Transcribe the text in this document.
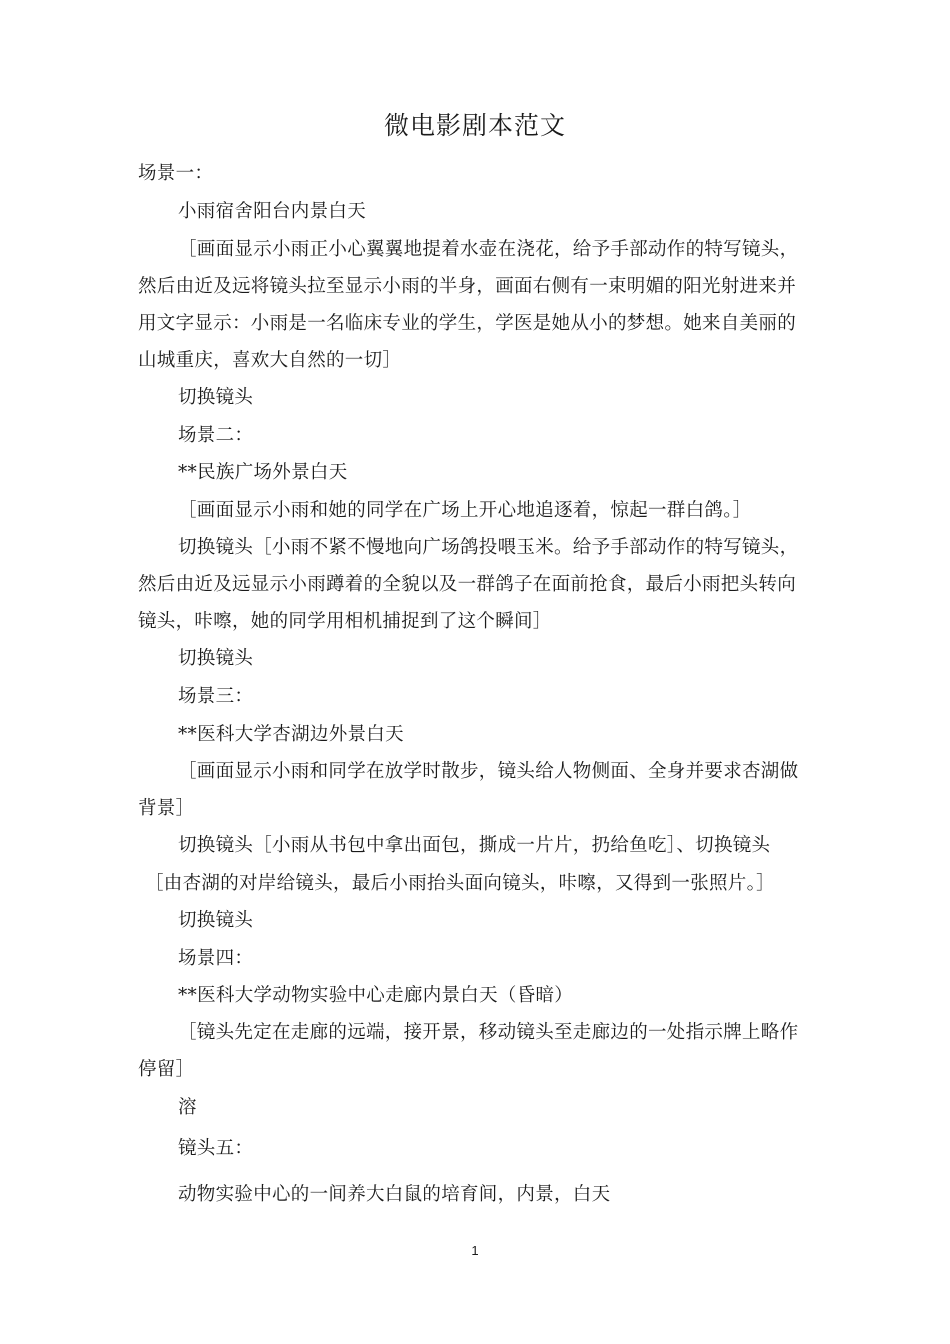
微电影剧本范文
场景一：
小雨宿舍阳台内景白天
［画面显示小雨正小心翼翼地提着水壶在浇花，给予手部动作的特写镜头，
然后由近及远将镜头拉至显示小雨的半身，画面右侧有一束明媚的阳光射进来并
用文字显示：小雨是一名临床专业的学生，学医是她从小的梦想。她来自美丽的
山城重庆，喜欢大自然的一切］
切换镜头
场景二：
**民族广场外景白天
［画面显示小雨和她的同学在广场上开心地追逐着，惊起一群白鸽。］
切换镜头［小雨不紧不慢地向广场鸽投喂玉米。给予手部动作的特写镜头，
然后由近及远显示小雨蹲着的全貌以及一群鸽子在面前抢食，最后小雨把头转向
镜头，咔嚓，她的同学用相机捕捉到了这个瞬间］
切换镜头
场景三：
**医科大学杏湖边外景白天
［画面显示小雨和同学在放学时散步，镜头给人物侧面、全身并要求杏湖做
背景］
切换镜头［小雨从书包中拿出面包，撕成一片片，扔给鱼吃］、切换镜头
［由杏湖的对岸给镜头，最后小雨抬头面向镜头，咔嚓，又得到一张照片。］
切换镜头
场景四：
**医科大学动物实验中心走廊内景白天（昏暗）
［镜头先定在走廊的远端，接开景，移动镜头至走廊边的一处指示牌上略作
停留］
溶
镜头五：
动物实验中心的一间养大白鼠的培育间，内景，白天
1
